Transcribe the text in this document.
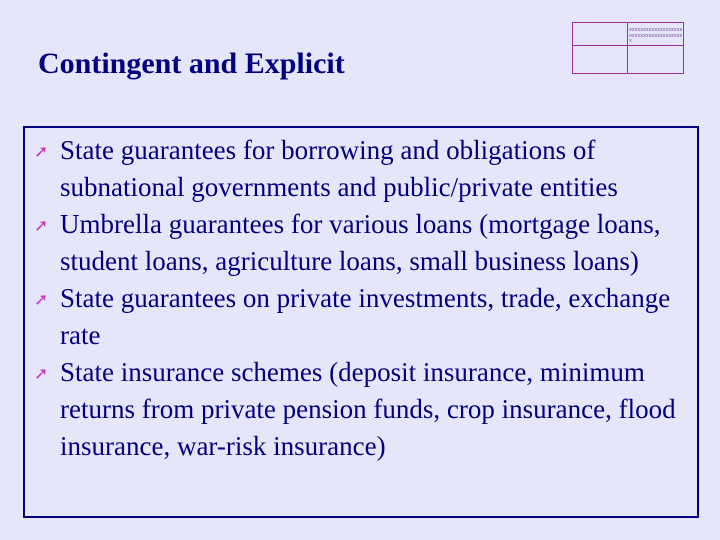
Contingent and Explicit
xxxxxxxxxxxxxxxxxxxxxxxxxxxxxxxxxxxxxxx
➚ State guarantees for borrowing and obligations of subnational governments and public/private entities
➚ Umbrella guarantees for various loans (mortgage loans, student loans, agriculture loans, small business loans)
➚ State guarantees on private investments, trade, exchange rate
➚ State insurance schemes (deposit insurance, minimum returns from private pension funds, crop insurance, flood insurance, war-risk insurance)
